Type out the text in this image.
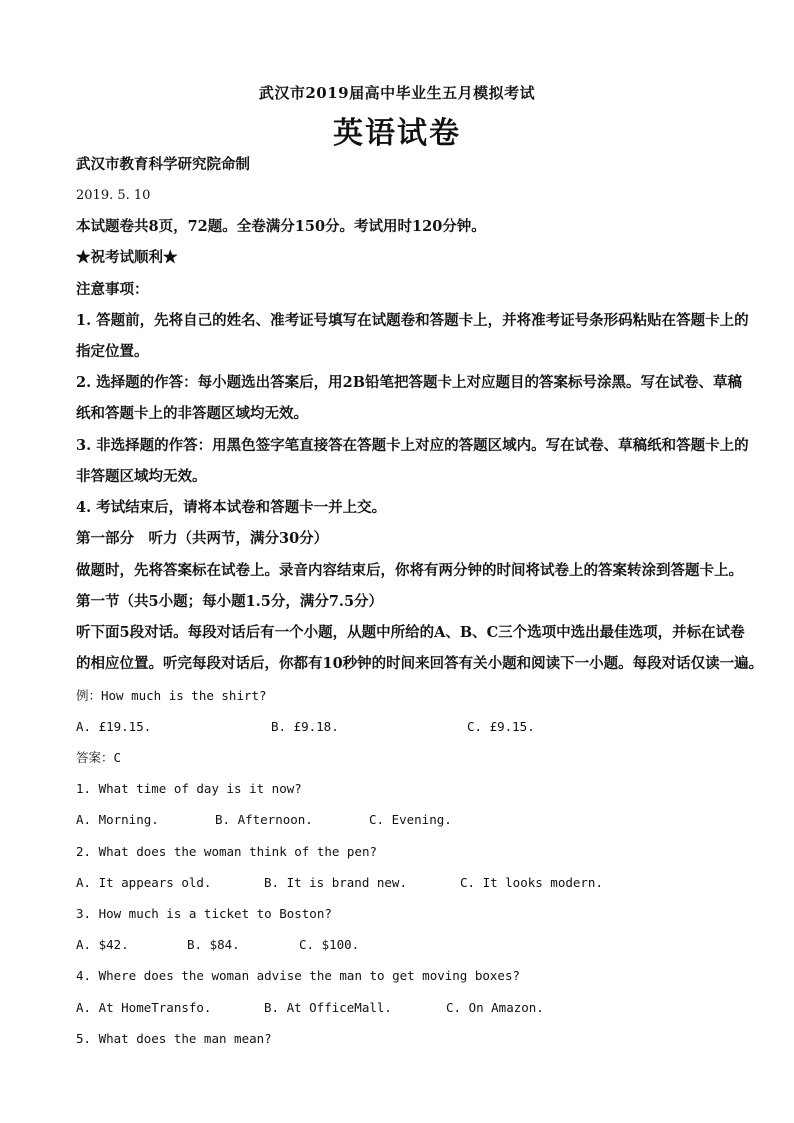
武汉市2019届高中毕业生五月模拟考试
英语试卷
武汉市教育科学研究院命制
2019. 5. 10
本试题卷共8页，72题。全卷满分150分。考试用时120分钟。
★祝考试顺利★
注意事项：
1. 答题前，先将自己的姓名、准考证号填写在试题卷和答题卡上，并将准考证号条形码粘贴在答题卡上的
指定位置。
2. 选择题的作答：每小题选出答案后，用2B铅笔把答题卡上对应题目的答案标号涂黑。写在试卷、草稿
纸和答题卡上的非答题区域均无效。
3. 非选择题的作答：用黑色签字笔直接答在答题卡上对应的答题区域内。写在试卷、草稿纸和答题卡上的
非答题区域均无效。
4. 考试结束后，请将本试卷和答题卡一并上交。
第一部分　听力（共两节，满分30分）
做题时，先将答案标在试卷上。录音内容结束后，你将有两分钟的时间将试卷上的答案转涂到答题卡上。
第一节（共5小题；每小题1.5分，满分7.5分）
听下面5段对话。每段对话后有一个小题，从题中所给的A、B、C三个选项中选出最佳选项，并标在试卷
的相应位置。听完每段对话后，你都有10秒钟的时间来回答有关小题和阅读下一小题。每段对话仅读一遍。
例：How much is the shirt?
A. £19.15.	B. £9.18.	C. £9.15.
答案：C
1. What time of day is it now?
A. Morning.	B. Afternoon.	C. Evening.
2. What does the woman think of the pen?
A. It appears old.	B. It is brand new.	C. It looks modern.
3. How much is a ticket to Boston?
A. $42.	B. $84.	C. $100.
4. Where does the woman advise the man to get moving boxes?
A. At HomeTransfo.	B. At OfficeMall.	C. On Amazon.
5. What does the man mean?
